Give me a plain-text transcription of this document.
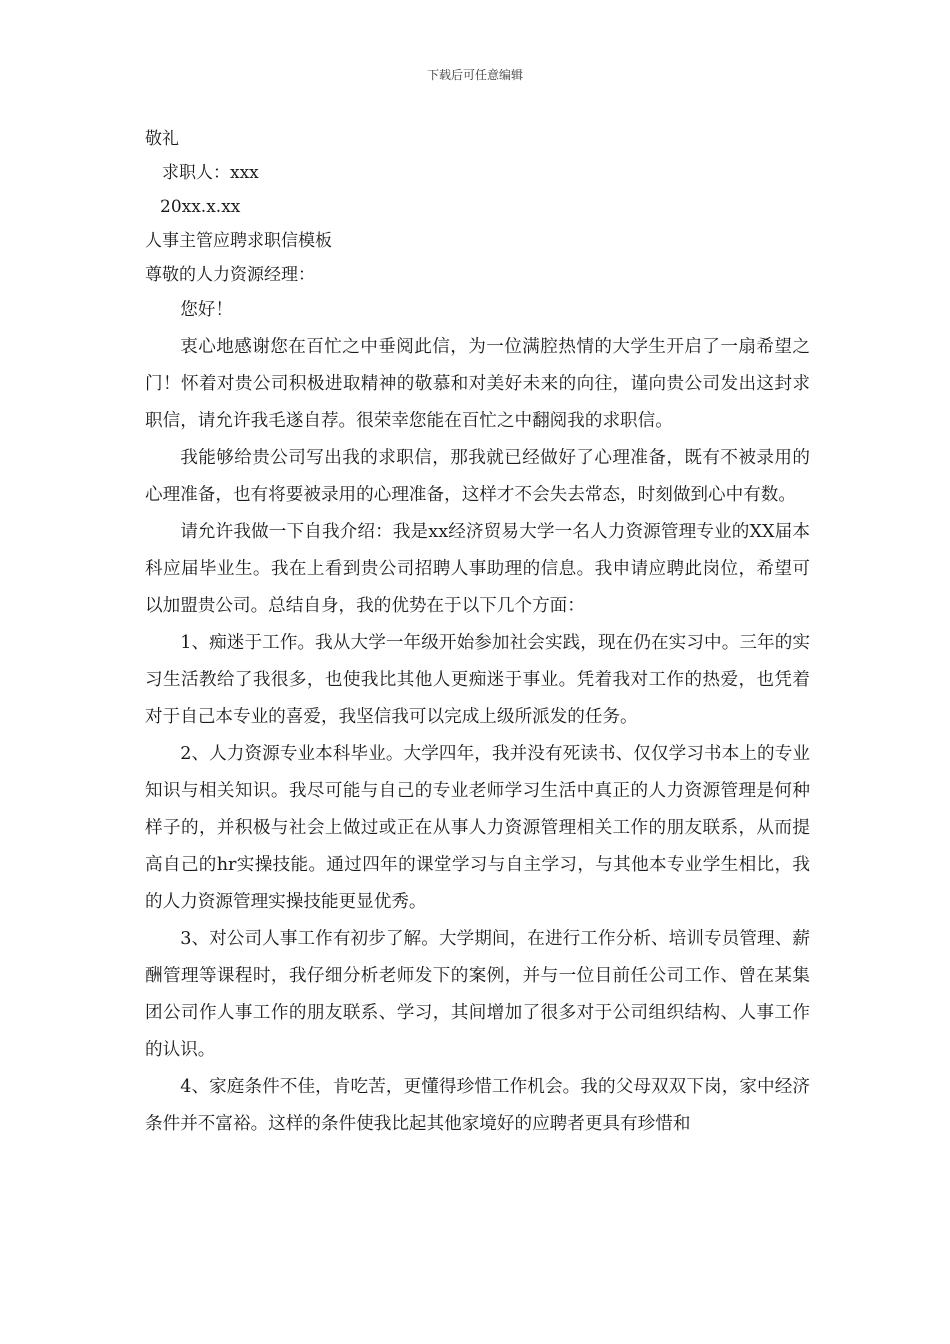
下载后可任意编辑
敬礼
求职人：xxx
20xx.x.xx
人事主管应聘求职信模板
尊敬的人力资源经理：

您好！

衷心地感谢您在百忙之中垂阅此信，为一位满腔热情的大学生开启了一扇希望之门！怀着对贵公司积极进取精神的敬慕和对美好未来的向往，谨向贵公司发出这封求职信，请允许我毛遂自荐。很荣幸您能在百忙之中翻阅我的求职信。

我能够给贵公司写出我的求职信，那我就已经做好了心理准备，既有不被录用的心理准备，也有将要被录用的心理准备，这样才不会失去常态，时刻做到心中有数。

请允许我做一下自我介绍：我是xx经济贸易大学一名人力资源管理专业的XX届本科应届毕业生。我在上看到贵公司招聘人事助理的信息。我申请应聘此岗位，希望可以加盟贵公司。总结自身，我的优势在于以下几个方面：

1、痴迷于工作。我从大学一年级开始参加社会实践，现在仍在实习中。三年的实习生活教给了我很多，也使我比其他人更痴迷于事业。凭着我对工作的热爱，也凭着对于自己本专业的喜爱，我坚信我可以完成上级所派发的任务。

2、人力资源专业本科毕业。大学四年，我并没有死读书、仅仅学习书本上的专业知识与相关知识。我尽可能与自己的专业老师学习生活中真正的人力资源管理是何种样子的，并积极与社会上做过或正在从事人力资源管理相关工作的朋友联系，从而提高自己的hr实操技能。通过四年的课堂学习与自主学习，与其他本专业学生相比，我的人力资源管理实操技能更显优秀。

3、对公司人事工作有初步了解。大学期间，在进行工作分析、培训专员管理、薪酬管理等课程时，我仔细分析老师发下的案例，并与一位目前任公司工作、曾在某集团公司作人事工作的朋友联系、学习，其间增加了很多对于公司组织结构、人事工作的认识。

4、家庭条件不佳，肯吃苦，更懂得珍惜工作机会。我的父母双双下岗，家中经济条件并不富裕。这样的条件使我比起其他家境好的应聘者更具有珍惜和
